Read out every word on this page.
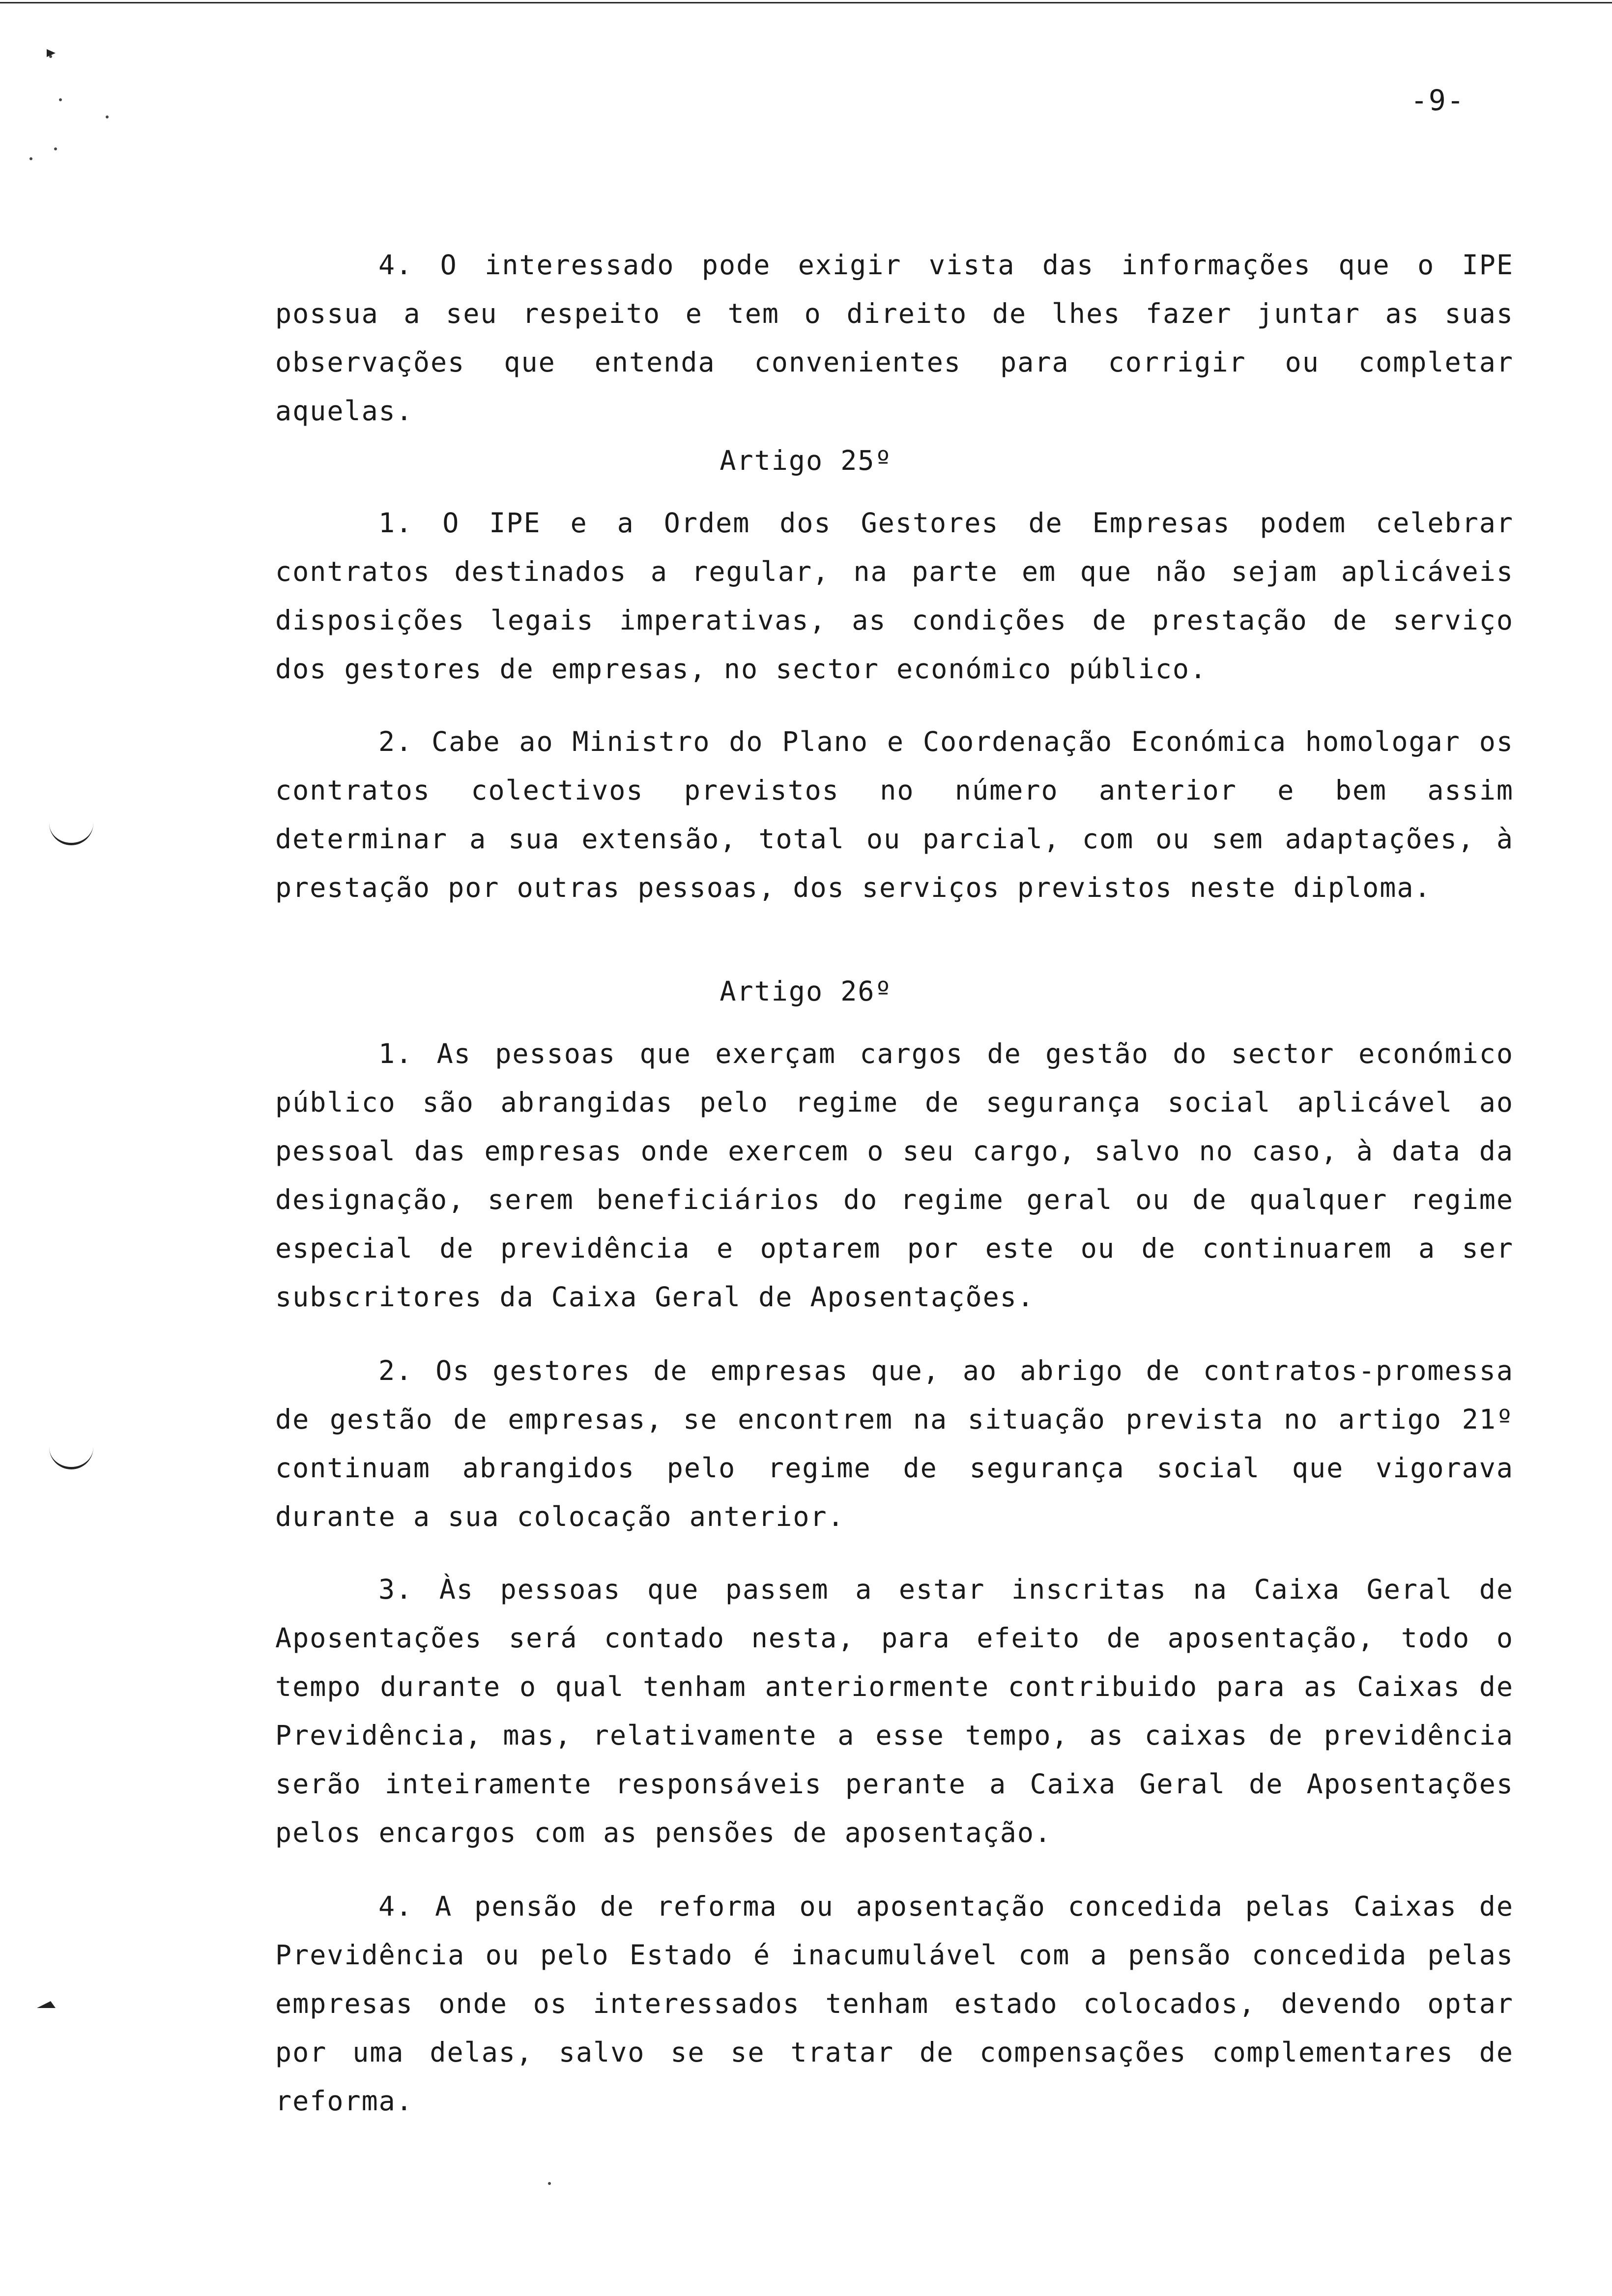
-9-

4. O interessado pode exigir vista das informações que o IPE possua a seu respeito e tem o direito de lhes fazer juntar as suas observações que entenda convenientes para corrigir ou completar aquelas.

Artigo 25º

1. O IPE e a Ordem dos Gestores de Empresas podem celebrar contratos destinados a regular, na parte em que não sejam aplicáveis disposições legais imperativas, as condições de prestação de serviço dos gestores de empresas, no sector económico público.

2. Cabe ao Ministro do Plano e Coordenação Económica homologar os contratos colectivos previstos no número anterior e bem assim determinar a sua extensão, total ou parcial, com ou sem adaptações, à prestação por outras pessoas, dos serviços previstos neste diploma.

Artigo 26º

1. As pessoas que exerçam cargos de gestão do sector económico público são abrangidas pelo regime de segurança social aplicável ao pessoal das empresas onde exercem o seu cargo, salvo no caso, à data da designação, serem beneficiários do regime geral ou de qualquer regime especial de previdência e optarem por este ou de continuarem a ser subscritores da Caixa Geral de Aposentações.

2. Os gestores de empresas que, ao abrigo de contratos-promessa de gestão de empresas, se encontrem na situação prevista no artigo 21º continuam abrangidos pelo regime de segurança social que vigorava durante a sua colocação anterior.

3. Às pessoas que passem a estar inscritas na Caixa Geral de Aposentações será contado nesta, para efeito de aposentação, todo o tempo durante o qual tenham anteriormente contribuido para as Caixas de Previdência, mas, relativamente a esse tempo, as caixas de previdência serão inteiramente responsáveis perante a Caixa Geral de Aposentações pelos encargos com as pensões de aposentação.

4. A pensão de reforma ou aposentação concedida pelas Caixas de Previdência ou pelo Estado é inacumulável com a pensão concedida pelas empresas onde os interessados tenham estado colocados, devendo optar por uma delas, salvo se se tratar de compensações complementares de reforma.
